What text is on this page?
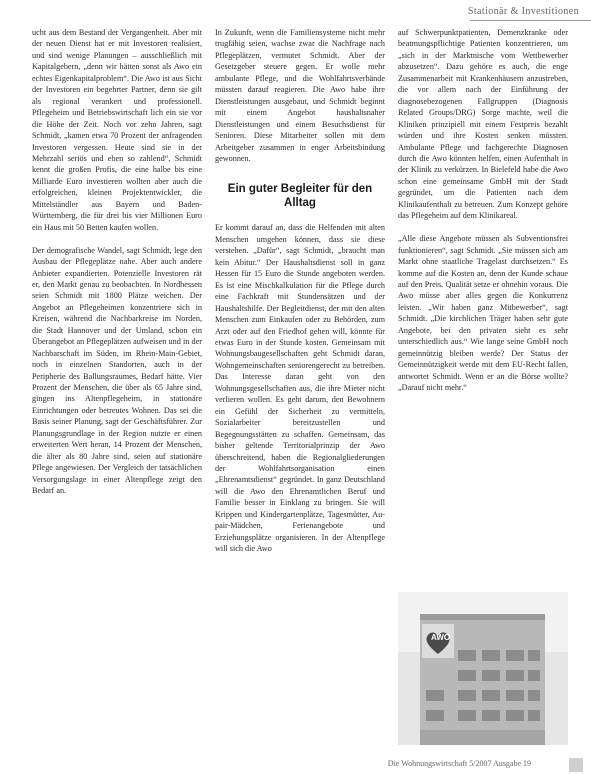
Stationär & Investitionen

ucht aus dem Bestand der Vergangenheit. Aber mit der neuen Dienst hat er mit Investoren realisiert, und sind wenige Planungen – ausschließlich mit Kapitalgebern, „denn wir hätten sonst als Awo ein echtes Eigenkapitalproblem“. Die Awo ist aus Sicht der Investoren ein begehrter Partner, denn sie gilt als regional verankert und professionell. Pflegeheim und Betriebswirtschaft lich ein sie vor die Höhe der Zeit. Noch vor zehn Jahren, sagt Schmidt, „kamen etwa 70 Prozent der anfragenden Investoren vergessen. Heute sind sie in der Mehrzahl seriös und eben so zahlend“, Schmidt kennt die großen Profis, die eine halbe bis eine Milliarde Euro investieren wollten aber auch die erfolgreichen, kleinen Projektentwickler, die Mittelständler aus Bayern und Baden-Württemberg, die für drei bis vier Millionen Euro ein Haus mit 50 Betten kaufen wollen.

Der demografische Wandel, sagt Schmidt, lege den Ausbau der Pflegeplätze nahe. Aber auch andere Anbieter expandierten. Potenzielle Investoren rät er, den Markt genau zu beobachten. In Nordhessen seien Schmidt mit 1800 Plätze weichen. Der Angebot an Pflegeheimen konzentriere sich in Kreisen, während die Nachbarkreise im Norden, die Stadt Hannover und der Umland, schon ein Überangebot an Pflegeplätzen aufweisen und in der Nachbarschaft im Süden, im Rhein-Main-Gebiet, noch in einzelnen Standorten, auch in der Peripherie des Ballungsraumes, Bedarf hätte. Vier Prozent der Menschen, die über als 65 Jahre sind, gingen ins Altenpflegeheim, in stationäre Einrichtungen oder betreutes Wohnen. Das sei die Basis seiner Planung, sagt der Geschäftsführer. Zur Planungsgrundlage in der Region nutzte er einen erweiterten Wert heran, 14 Prozent der Menschen, die älter als 80 Jahre sind, seien auf stationäre Pflege angewiesen. Der Vergleich der tatsächlichen Versorgungslage in einer Altenpflege zeigt den Bedarf an.

In Zukunft, wenn die Familiensysteme nicht mehr trugfähig seien, wachse zwar die Nachfrage nach Pflegeplätzen, vermutet Schmidt. Aber der Gesetzgeber steuere gegen. Er wolle mehr ambulante Pflege, und die Wohlfahrtsverbände müssten darauf reagieren. Die Awo habe ihre Dienstleistungen ausgebaut, und Schmidt beginnt mit einem Angebot haushaltsnaher Dienstleistungen und einem Besuchsdienst für Senioren. Diese Mitarbeiter sollen mit dem Arbeitgeber zusammen in enger Arbeitsbindung gewonnen.

Ein guter Begleiter für den Alltag

Er kommt darauf an, dass die Helfenden mit alten Menschen umgehen können, dass sie diese verstehen. „Dafür“, sagt Schmidt, „braucht man kein Abitur.“ Der Haushaltsdienst soll in ganz Hessen für 15 Euro die Stunde angeboten werden. Es ist eine Mischkalkulation für die Pflege durch eine Fachkraft mit Stundensätzen und der Haushaltshilfe. Der Begleitdienst, der mit den alten Menschen zum Einkaufen oder zu Behörden, zum Arzt oder auf den Friedhof gehen will, könnte für etwas Euro in der Stunde kosten. Gemeinsam mit Wohnungsbaugesellschaften geht Schmidt daran, Wohngemeinschaften seniorengerecht zu betreiben. Das Interesse daran geht von den Wohnungsgesellschaften aus, die ihre Mieter nicht verlieren wollen. Es geht darum, den Bewohnern ein Gefühl der Sicherheit zu vermitteln, Sozialarbeiter bereitzustellen und Begegnungsstätten zu schaffen. Gemeinsam, das bisher geltende Territorialprinzip der Awo überschreitend, haben die Regionalgliederungen der Wohlfahrtsorganisation einen „Ehrenamtsdienst“ gegründet. In ganz Deutschland will die Awo den Ehrenamtlichen Beruf und Familie besser in Einklang zu bringen. Sie will Krippen und Kindergartenplätze, Tagesmütter, Au-pair-Mädchen, Ferienangebote und Erziehungsplätze organisieren. In der Altenpflege will sich die Awo

auf Schwerpunktpatienten, Demenzkranke oder beatmungspflichtige Patienten konzentrieren, um „sich in der Marktnische vom Wettbewerber abzusetzen“. Dazu gehöre es auch, die enge Zusammenarbeit mit Krankenhäusern anzustreben, die vor allem nach der Einführung der diagnosebezogenen Fallgruppen (Diagnosis Related Groups/DRG) Sorge machte, weil die Kliniken prinzipiell mit einem Festpreis bezahlt würden und ihre Kosten senken müssten. Ambulante Pflege und fachgerechte Diagnosen durch die Awo könnten helfen, einen Aufenthalt in der Klinik zu verkürzen. In Bielefeld habe die Awo schon eine gemeinsame GmbH mit der Stadt gegründet, um die Patienten nach dem Klinikaufenthalt zu betreuen. Zum Konzept gehöre das Pflegeheim auf dem Klinikareal.

„Alle diese Angebote müssen als Subventionsfrei funktionieren“, sagt Schmidt. „Sie müssen sich am Markt ohne staatliche Tragelast durchsetzen.“ Es komme auf die Kosten an, denn der Kunde schaue auf den Preis. Qualität setze er ohnehin voraus. Die Awo müsse aber alles gegen die Konkurrenz leisten. „Wir haben ganz Mitbewerber“, sagt Schmidt. „Die kirchlichen Träger haben sehr gute Angebote, bei den privaten sieht es sehr unterschiedlich aus.“ Wie lange seine GmbH noch gemeinnützig bleiben werde? Der Status der Gemeinnützigkeit werde mit dem EU-Recht fallen, antwortet Schmidt. Wenn er an die Börse wollte? „Darauf nicht mehr.“

AWO
Die Wohnungswirtschaft 5/2007 Ausgabe 19
